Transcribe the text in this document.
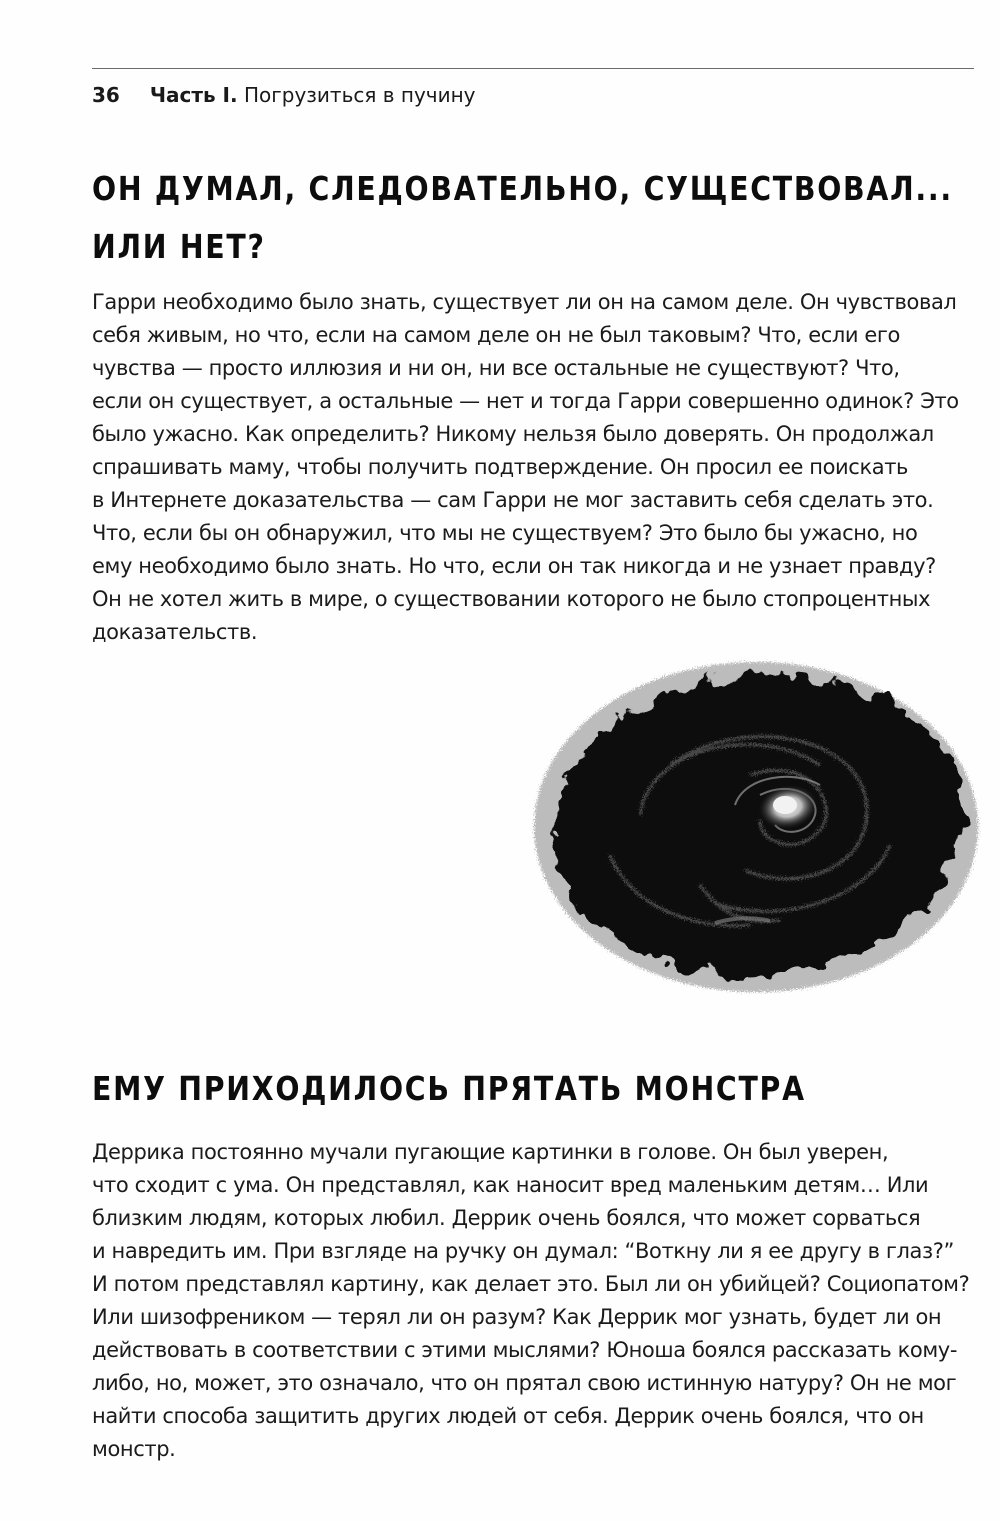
36 Часть I. Погрузиться в пучину
ОН ДУМАЛ, СЛЕДОВАТЕЛЬНО, СУЩЕСТВОВАЛ...
ИЛИ НЕТ?

Гарри необходимо было знать, существует ли он на самом деле. Он чувствовал
себя живым, но что, если на самом деле он не был таковым? Что, если его
чувства — просто иллюзия и ни он, ни все остальные не существуют? Что,
если он существует, а остальные — нет и тогда Гарри совершенно одинок? Это
было ужасно. Как определить? Никому нельзя было доверять. Он продолжал
спрашивать маму, чтобы получить подтверждение. Он просил ее поискать
в Интернете доказательства — сам Гарри не мог заставить себя сделать это.
Что, если бы он обнаружил, что мы не существуем? Это было бы ужасно, но
ему необходимо было знать. Но что, если он так никогда и не узнает правду?
Он не хотел жить в мире, о существовании которого не было стопроцентных
доказательств.

ЕМУ ПРИХОДИЛОСЬ ПРЯТАТЬ МОНСТРА

Деррика постоянно мучали пугающие картинки в голове. Он был уверен,
что сходит с ума. Он представлял, как наносит вред маленьким детям… Или
близким людям, которых любил. Деррик очень боялся, что может сорваться
и навредить им. При взгляде на ручку он думал: “Воткну ли я ее другу в глаз?”
И потом представлял картину, как делает это. Был ли он убийцей? Социопатом?
Или шизофреником — терял ли он разум? Как Деррик мог узнать, будет ли он
действовать в соответствии с этими мыслями? Юноша боялся рассказать кому-
либо, но, может, это означало, что он прятал свою истинную натуру? Он не мог
найти способа защитить других людей от себя. Деррик очень боялся, что он
монстр.
